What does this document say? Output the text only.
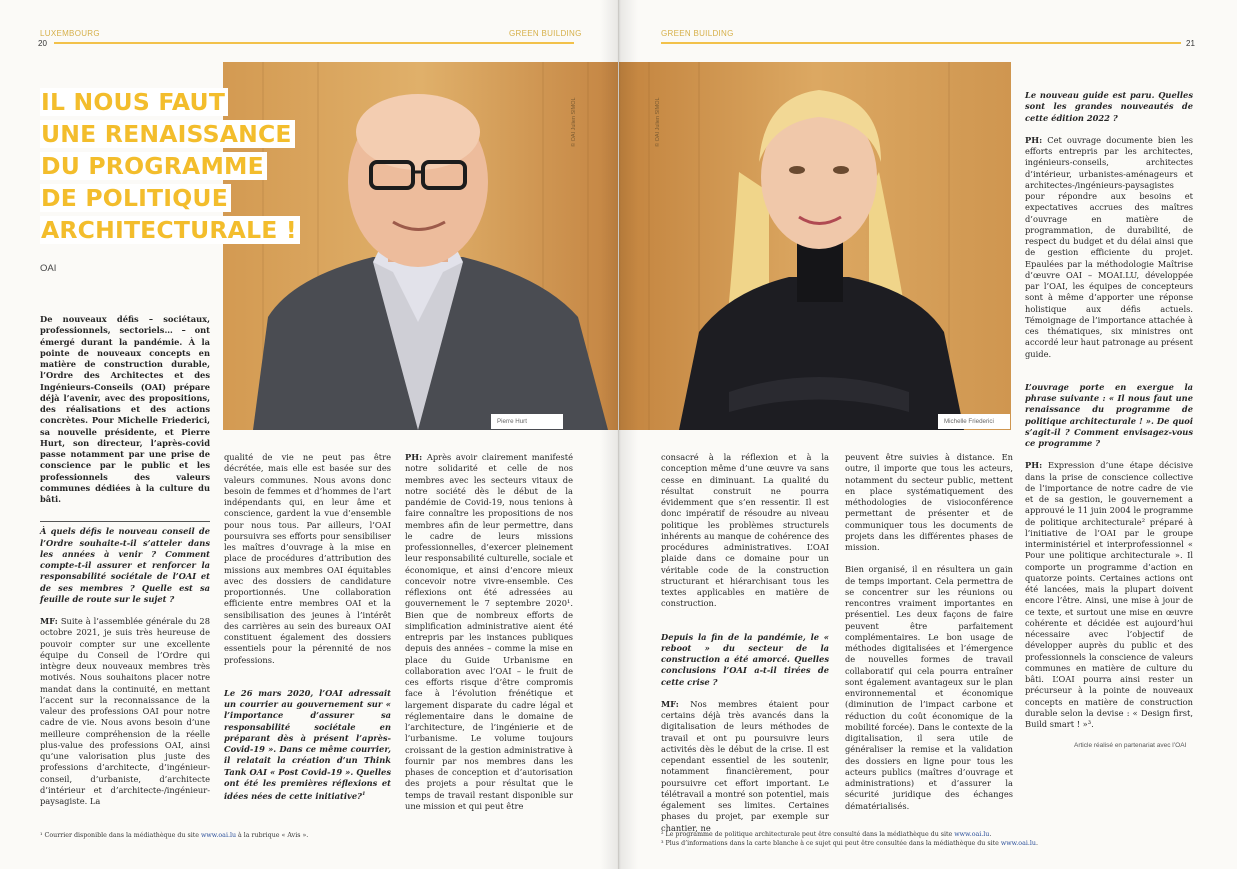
LUXEMBOURG	GREEN BUILDING
20
© OAI Julien SIMOL
Pierre Hurt
IL NOUS FAUT
UNE RENAISSANCE
DU PROGRAMME
DE POLITIQUE
ARCHITECTURALE !
OAI

De nouveaux défis – sociétaux, professionnels, sectoriels… – ont émergé durant la pandémie. À la pointe de nouveaux concepts en matière de construction durable, l’Ordre des Architectes et des Ingénieurs-Conseils (OAI) prépare déjà l’avenir, avec des propositions, des réalisations et des actions concrètes. Pour Michelle Friederici, sa nouvelle présidente, et Pierre Hurt, son directeur, l’après-covid passe notamment par une prise de conscience par le public et les professionnels des valeurs communes dédiées à la culture du bâti.

À quels défis le nouveau conseil de l’Ordre souhaite-t-il s’atteler dans les années à venir ? Comment compte-t-il assurer et renforcer la responsabilité sociétale de l’OAI et de ses membres ? Quelle est sa feuille de route sur le sujet ?

MF: Suite à l’assemblée générale du 28 octobre 2021, je suis très heureuse de pouvoir compter sur une excellente équipe du Conseil de l’Ordre qui intègre deux nouveaux membres très motivés. Nous souhaitons placer notre mandat dans la continuité, en mettant l’accent sur la reconnaissance de la valeur des professions OAI pour notre cadre de vie. Nous avons besoin d’une meilleure compréhension de la réelle plus-value des professions OAI, ainsi qu’une valorisation plus juste des professions d’architecte, d’ingénieur-conseil, d’urbaniste, d’architecte d’intérieur et d’architecte-/ingénieur-paysagiste. La

qualité de vie ne peut pas être décrétée, mais elle est basée sur des valeurs communes. Nous avons donc besoin de femmes et d’hommes de l’art indépendants qui, en leur âme et conscience, gardent la vue d’ensemble pour nous tous. Par ailleurs, l’OAI poursuivra ses efforts pour sensibiliser les maîtres d’ouvrage à la mise en place de procédures d’attribution des missions aux membres OAI équitables avec des dossiers de candidature proportionnés. Une collaboration efficiente entre membres OAI et la sensibilisation des jeunes à l’intérêt des carrières au sein des bureaux OAI constituent également des dossiers essentiels pour la pérennité de nos professions.

Le 26 mars 2020, l’OAI adressait un courrier au gouvernement sur « l’importance d’assurer sa responsabilité sociétale en préparant dès à présent l’après-Covid-19 ». Dans ce même courrier, il relatait la création d’un Think Tank OAI « Post Covid-19 ». Quelles ont été les premières réflexions et idées nées de cette initiative?$^1$

PH: Après avoir clairement manifesté notre solidarité et celle de nos membres avec les secteurs vitaux de notre société dès le début de la pandémie de Covid-19, nous tenions à faire connaître les propositions de nos membres afin de leur permettre, dans le cadre de leurs missions professionnelles, d’exercer pleinement leur responsabilité culturelle, sociale et économique, et ainsi d’encore mieux concevoir notre vivre-ensemble. Ces réflexions ont été adressées au gouvernement le 7 septembre 2020¹. Bien que de nombreux efforts de simplification administrative aient été entrepris par les instances publiques depuis des années – comme la mise en place du Guide Urbanisme en collaboration avec l’OAI – le fruit de ces efforts risque d’être compromis face à l’évolution frénétique et largement disparate du cadre légal et réglementaire dans le domaine de l’architecture, de l’ingénierie et de l’urbanisme. Le volume toujours croissant de la gestion administrative à fournir par nos membres dans les phases de conception et d’autorisation des projets a pour résultat que le temps de travail restant disponible sur une mission et qui peut être

¹ Courrier disponible dans la médiathèque du site www.oai.lu à la rubrique « Avis ».
GREEN BUILDING
21
© OAI Julien SIMOL
Michelle Friederici

consacré à la réflexion et à la conception même d’une œuvre va sans cesse en diminuant. La qualité du résultat construit ne pourra évidemment que s’en ressentir. Il est donc impératif de résoudre au niveau politique les problèmes structurels inhérents au manque de cohérence des procédures administratives. L’OAI plaide dans ce domaine pour un véritable code de la construction structurant et hiérarchisant tous les textes applicables en matière de construction.

Depuis la fin de la pandémie, le « reboot » du secteur de la construction a été amorcé. Quelles conclusions l’OAI a-t-il tirées de cette crise ?

MF: Nos membres étaient pour certains déjà très avancés dans la digitalisation de leurs méthodes de travail et ont pu poursuivre leurs activités dès le début de la crise. Il est cependant essentiel de les soutenir, notamment financièrement, pour poursuivre cet effort important. Le télétravail a montré son potentiel, mais également ses limites. Certaines phases du projet, par exemple sur chantier, ne

peuvent être suivies à distance. En outre, il importe que tous les acteurs, notamment du secteur public, mettent en place systématiquement des méthodologies de visioconférence permettant de présenter et de communiquer tous les documents de projets dans les différentes phases de mission.

Bien organisé, il en résultera un gain de temps important. Cela permettra de se concentrer sur les réunions ou rencontres vraiment importantes en présentiel. Les deux façons de faire peuvent être parfaitement complémentaires. Le bon usage de méthodes digitalisées et l’émergence de nouvelles formes de travail collaboratif qui cela pourra entraîner sont également avantageux sur le plan environnemental et économique (diminution de l’impact carbone et réduction du coût économique de la mobilité forcée). Dans le contexte de la digitalisation, il sera utile de généraliser la remise et la validation des dossiers en ligne pour tous les acteurs publics (maîtres d’ouvrage et administrations) et d’assurer la sécurité juridique des échanges dématérialisés.

Le nouveau guide est paru. Quelles sont les grandes nouveautés de cette édition 2022 ?

PH: Cet ouvrage documente bien les efforts entrepris par les architectes, ingénieurs-conseils, architectes d’intérieur, urbanistes-aménageurs et architectes-/ingénieurs-paysagistes pour répondre aux besoins et expectatives accrues des maîtres d’ouvrage en matière de programmation, de durabilité, de respect du budget et du délai ainsi que de gestion efficiente du projet. Epaulées par la méthodologie Maîtrise d’œuvre OAI – MOAI.LU, développée par l’OAI, les équipes de concepteurs sont à même d’apporter une réponse holistique aux défis actuels. Témoignage de l’importance attachée à ces thématiques, six ministres ont accordé leur haut patronage au présent guide.

L’ouvrage porte en exergue la phrase suivante : « Il nous faut une renaissance du programme de politique architecturale ! ». De quoi s’agit-il ? Comment envisagez-vous ce programme ?

PH: Expression d’une étape décisive dans la prise de conscience collective de l’importance de notre cadre de vie et de sa gestion, le gouvernement a approuvé le 11 juin 2004 le programme de politique architecturale² préparé à l’initiative de l’OAI par le groupe interministériel et interprofessionnel « Pour une politique architecturale ». Il comporte un programme d’action en quatorze points. Certaines actions ont été lancées, mais la plupart doivent encore l’être. Ainsi, une mise à jour de ce texte, et surtout une mise en œuvre cohérente et décidée est aujourd’hui nécessaire avec l’objectif de développer auprès du public et des professionnels la conscience de valeurs communes en matière de culture du bâti. L’OAI pourra ainsi rester un précurseur à la pointe de nouveaux concepts en matière de construction durable selon la devise : « Design first, Build smart ! »³.

Article réalisé en partenariat avec l’OAI
² Le programme de politique architecturale peut être consulté dans la médiathèque du site www.oai.lu.
³ Plus d’informations dans la carte blanche à ce sujet qui peut être consultée dans la médiathèque du site www.oai.lu.
